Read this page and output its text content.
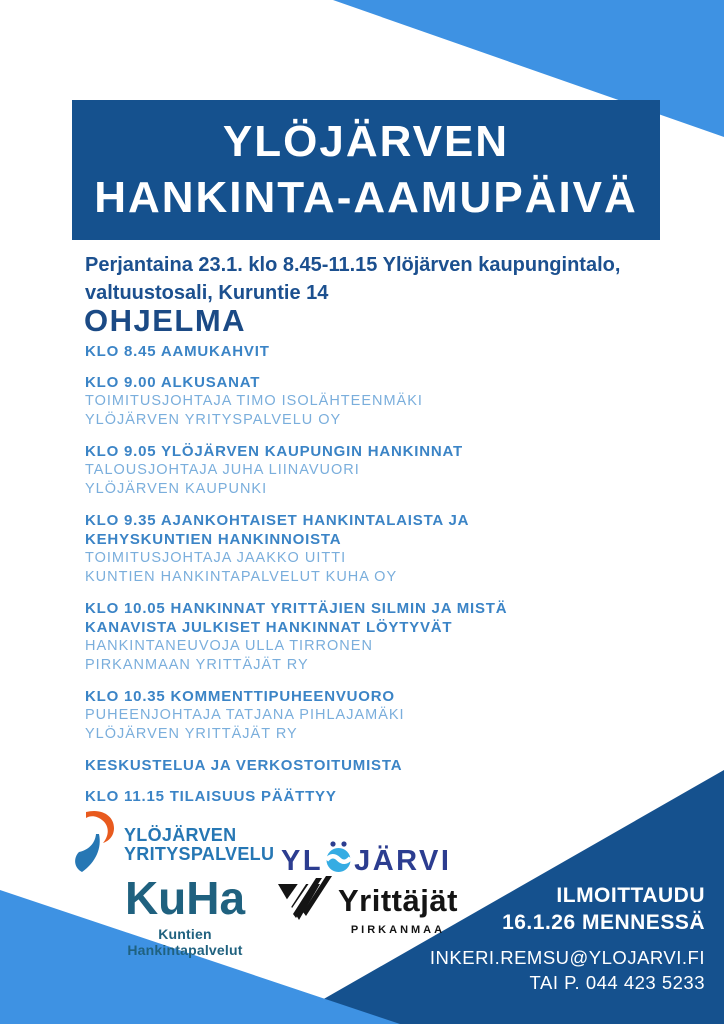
YLÖJÄRVEN
HANKINTA-AAMUPÄIVÄ
Perjantaina 23.1. klo 8.45-11.15 Ylöjärven kaupungintalo,
valtuustosali, Kuruntie 14
OHJELMA
KLO 8.45 AAMUKAHVIT
KLO 9.00 ALKUSANAT
TOIMITUSJOHTAJA TIMO ISOLÄHTEENMÄKI
YLÖJÄRVEN YRITYSPALVELU OY
KLO 9.05 YLÖJÄRVEN KAUPUNGIN HANKINNAT
TALOUSJOHTAJA JUHA LIINAVUORI
YLÖJÄRVEN KAUPUNKI
KLO 9.35 AJANKOHTAISET HANKINTALAISTA JA
KEHYSKUNTIEN HANKINNOISTA
TOIMITUSJOHTAJA JAAKKO UITTI
KUNTIEN HANKINTAPALVELUT KUHA OY
KLO 10.05 HANKINNAT YRITTÄJIEN SILMIN JA MISTÄ
KANAVISTA JULKISET HANKINNAT LÖYTYVÄT
HANKINTANEUVOJA ULLA TIRRONEN
PIRKANMAAN YRITTÄJÄT RY
KLO 10.35 KOMMENTTIPUHEENVUORO
PUHEENJOHTAJA TATJANA PIHLAJAMÄKI
YLÖJÄRVEN YRITTÄJÄT RY
KESKUSTELUA JA VERKOSTOITUMISTA
KLO 11.15 TILAISUUS PÄÄTTYY
YLÖJÄRVEN
YRITYSPALVELU YL JÄRVI
KuHa
Kuntien Hankintapalvelut
Yrittäjät
PIRKANMAA
ILMOITTAUDU
16.1.26 MENNESSÄ
INKERI.REMSU@YLOJARVI.FI
TAI P. 044 423 5233
